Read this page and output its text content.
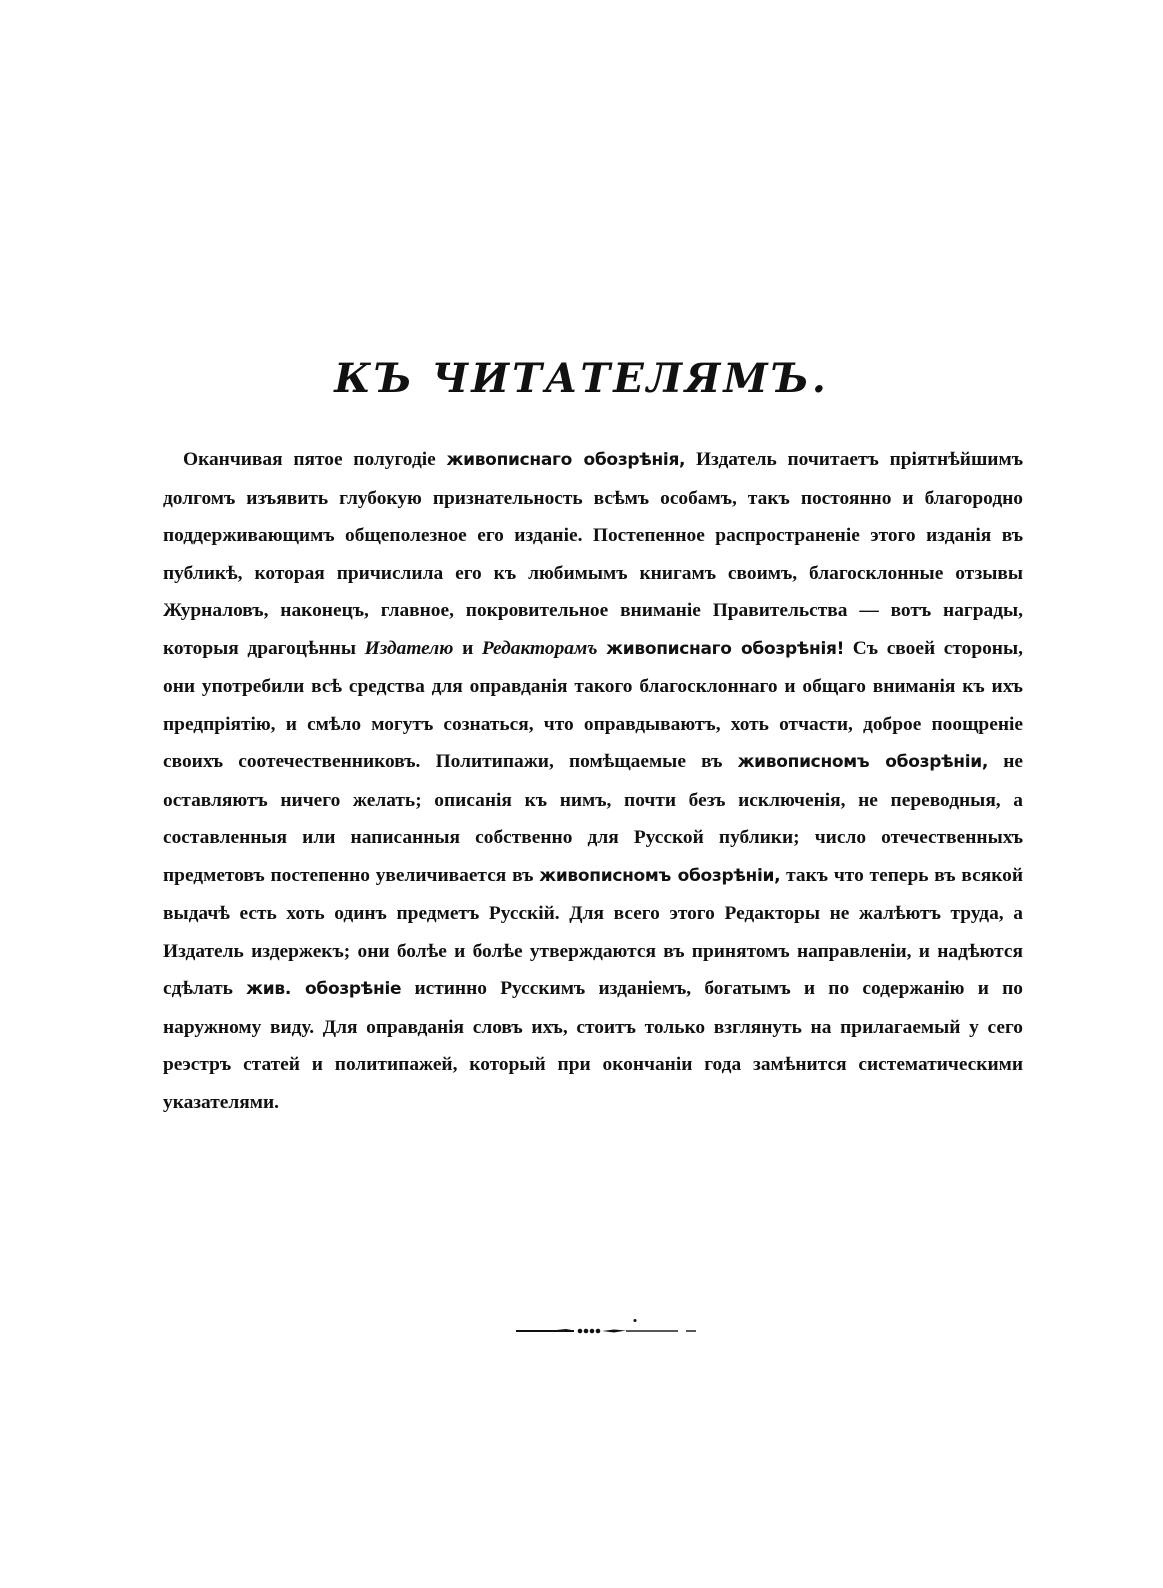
КЪ ЧИТАТЕЛЯМЪ.

Оканчивая пятое полугодіе живописнаго обозрѣнія, Издатель почитаетъ пріятнѣйшимъ долгомъ изъявить глубокую признательность всѣмъ особамъ, такъ постоянно и благородно поддерживающимъ общеполезное его изданіе. Постепенное распространеніе этого изданія въ публикѣ, которая причислила его къ любимымъ книгамъ своимъ, благосклонные отзывы Журналовъ, наконецъ, главное, покровительное вниманіе Правительства — вотъ награды, которыя драгоцѣнны Издателю и Редакторамъ живописнаго обозрѣнія! Съ своей стороны, они употребили всѣ средства для оправданія такого благосклоннаго и общаго вниманія къ ихъ предпріятію, и смѣло могутъ сознаться, что оправдываютъ, хоть отчасти, доброе поощреніе своихъ соотечественниковъ. Политипажи, помѣщаемые въ живописномъ обозрѣніи, не оставляютъ ничего желать; описанія къ нимъ, почти безъ исключенія, не переводныя, а составленныя или написанныя собственно для Русской публики; число отечественныхъ предметовъ постепенно увеличивается въ живописномъ обозрѣніи, такъ что теперь въ всякой выдачѣ есть хоть одинъ предметъ Русскій. Для всего этого Редакторы не жалѣютъ труда, а Издатель издержекъ; они болѣе и болѣе утверждаются въ принятомъ направленіи, и надѣются сдѣлать жив. обозрѣніе истинно Русскимъ изданіемъ, богатымъ и по содержанію и по наружному виду. Для оправданія словъ ихъ, стоитъ только взглянуть на прилагаемый у сего реэстръ статей и политипажей, который при окончаніи года замѣнится систематическими указателями.
